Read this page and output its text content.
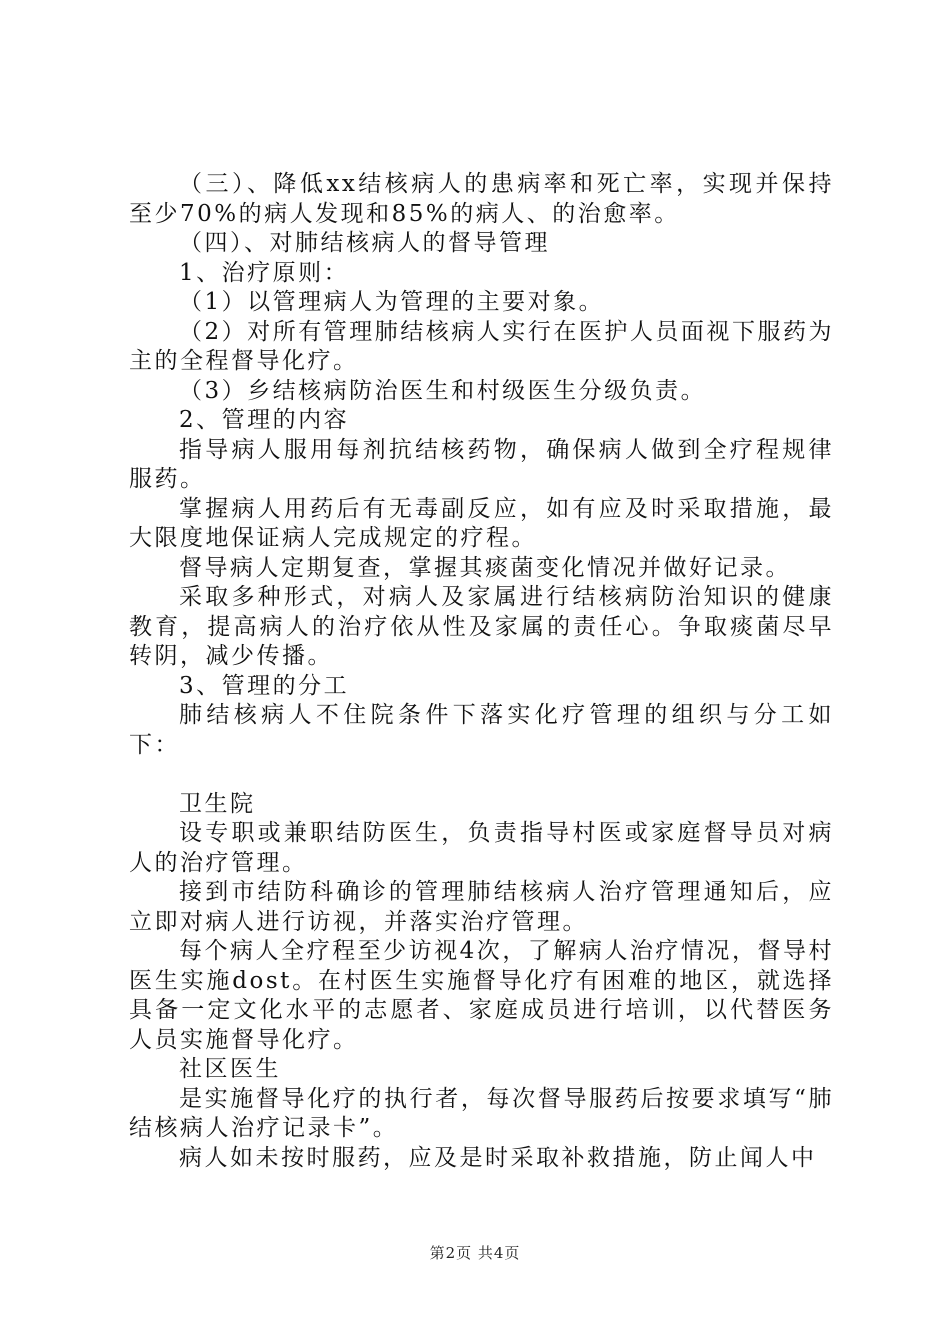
（三）、降低xx结核病人的患病率和死亡率，实现并保持至少70%的病人发现和85%的病人、的治愈率。

（四）、对肺结核病人的督导管理

1、治疗原则：

（1）以管理病人为管理的主要对象。

（2）对所有管理肺结核病人实行在医护人员面视下服药为主的全程督导化疗。

（3）乡结核病防治医生和村级医生分级负责。

2、管理的内容

指导病人服用每剂抗结核药物，确保病人做到全疗程规律服药。

掌握病人用药后有无毒副反应，如有应及时采取措施，最大限度地保证病人完成规定的疗程。

督导病人定期复查，掌握其痰菌变化情况并做好记录。

采取多种形式，对病人及家属进行结核病防治知识的健康教育，提高病人的治疗依从性及家属的责任心。争取痰菌尽早转阴，减少传播。

3、管理的分工

肺结核病人不住院条件下落实化疗管理的组织与分工如下：

卫生院

设专职或兼职结防医生，负责指导村医或家庭督导员对病人的治疗管理。

接到市结防科确诊的管理肺结核病人治疗管理通知后，应立即对病人进行访视，并落实治疗管理。

每个病人全疗程至少访视4次，了解病人治疗情况，督导村医生实施dost。在村医生实施督导化疗有困难的地区，就选择具备一定文化水平的志愿者、家庭成员进行培训，以代替医务人员实施督导化疗。

社区医生

是实施督导化疗的执行者，每次督导服药后按要求填写“肺结核病人治疗记录卡”。

病人如未按时服药，应及是时采取补救措施，防止闻人中

第2页 共4页
